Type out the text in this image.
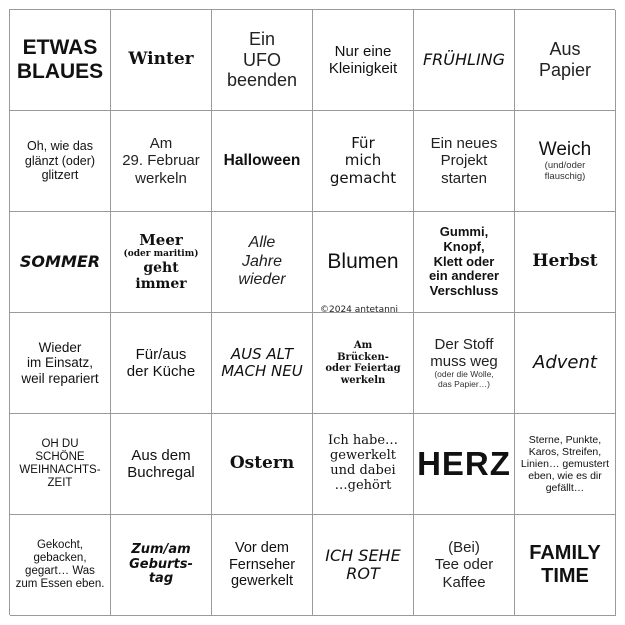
ETWAS
BLAUES
Winter
Ein
UFO
beenden
Nur eine
Kleinigkeit FRÜHLING	Aus
Papier
Oh, wie das
glänzt (oder)
glitzert
Am
29. Februar
werkeln
Halloween
Für
mich
gemacht
Ein neues
Projekt
starten
Weich
(und/oder
flauschig)
SOMMER
Meer
(oder maritim)
geht
immer
Alle
Jahre
wieder
Blumen
Gummi,
Knopf,
Klett oder
ein anderer
Verschluss
Herbst
Wieder
im Einsatz,
weil repariert
Für/aus
der Küche
AUS ALT
MACH NEU
Am
Brücken-
oder Feiertag
werkeln
Der Stoff
muss weg
(oder die Wolle,
das Papier…)
Advent
OH DU
SCHÖNE
WEIHNACHTS-
ZEIT
Aus dem
Buchregal Ostern
Ich habe…
gewerkelt
und dabei
…gehört
HERZ
Sterne, Punkte,
Karos, Streifen,
Linien… gemustert
eben, wie es dir
gefällt…
Gekocht,
gebacken,
gegart… Was
zum Essen eben.
Zum/am
Geburts-
tag
Vor dem
Fernseher
gewerkelt
ICH SEHE
ROT
(Bei)
Tee oder
Kaffee
FAMILY
TIME
©2024 antetanni
